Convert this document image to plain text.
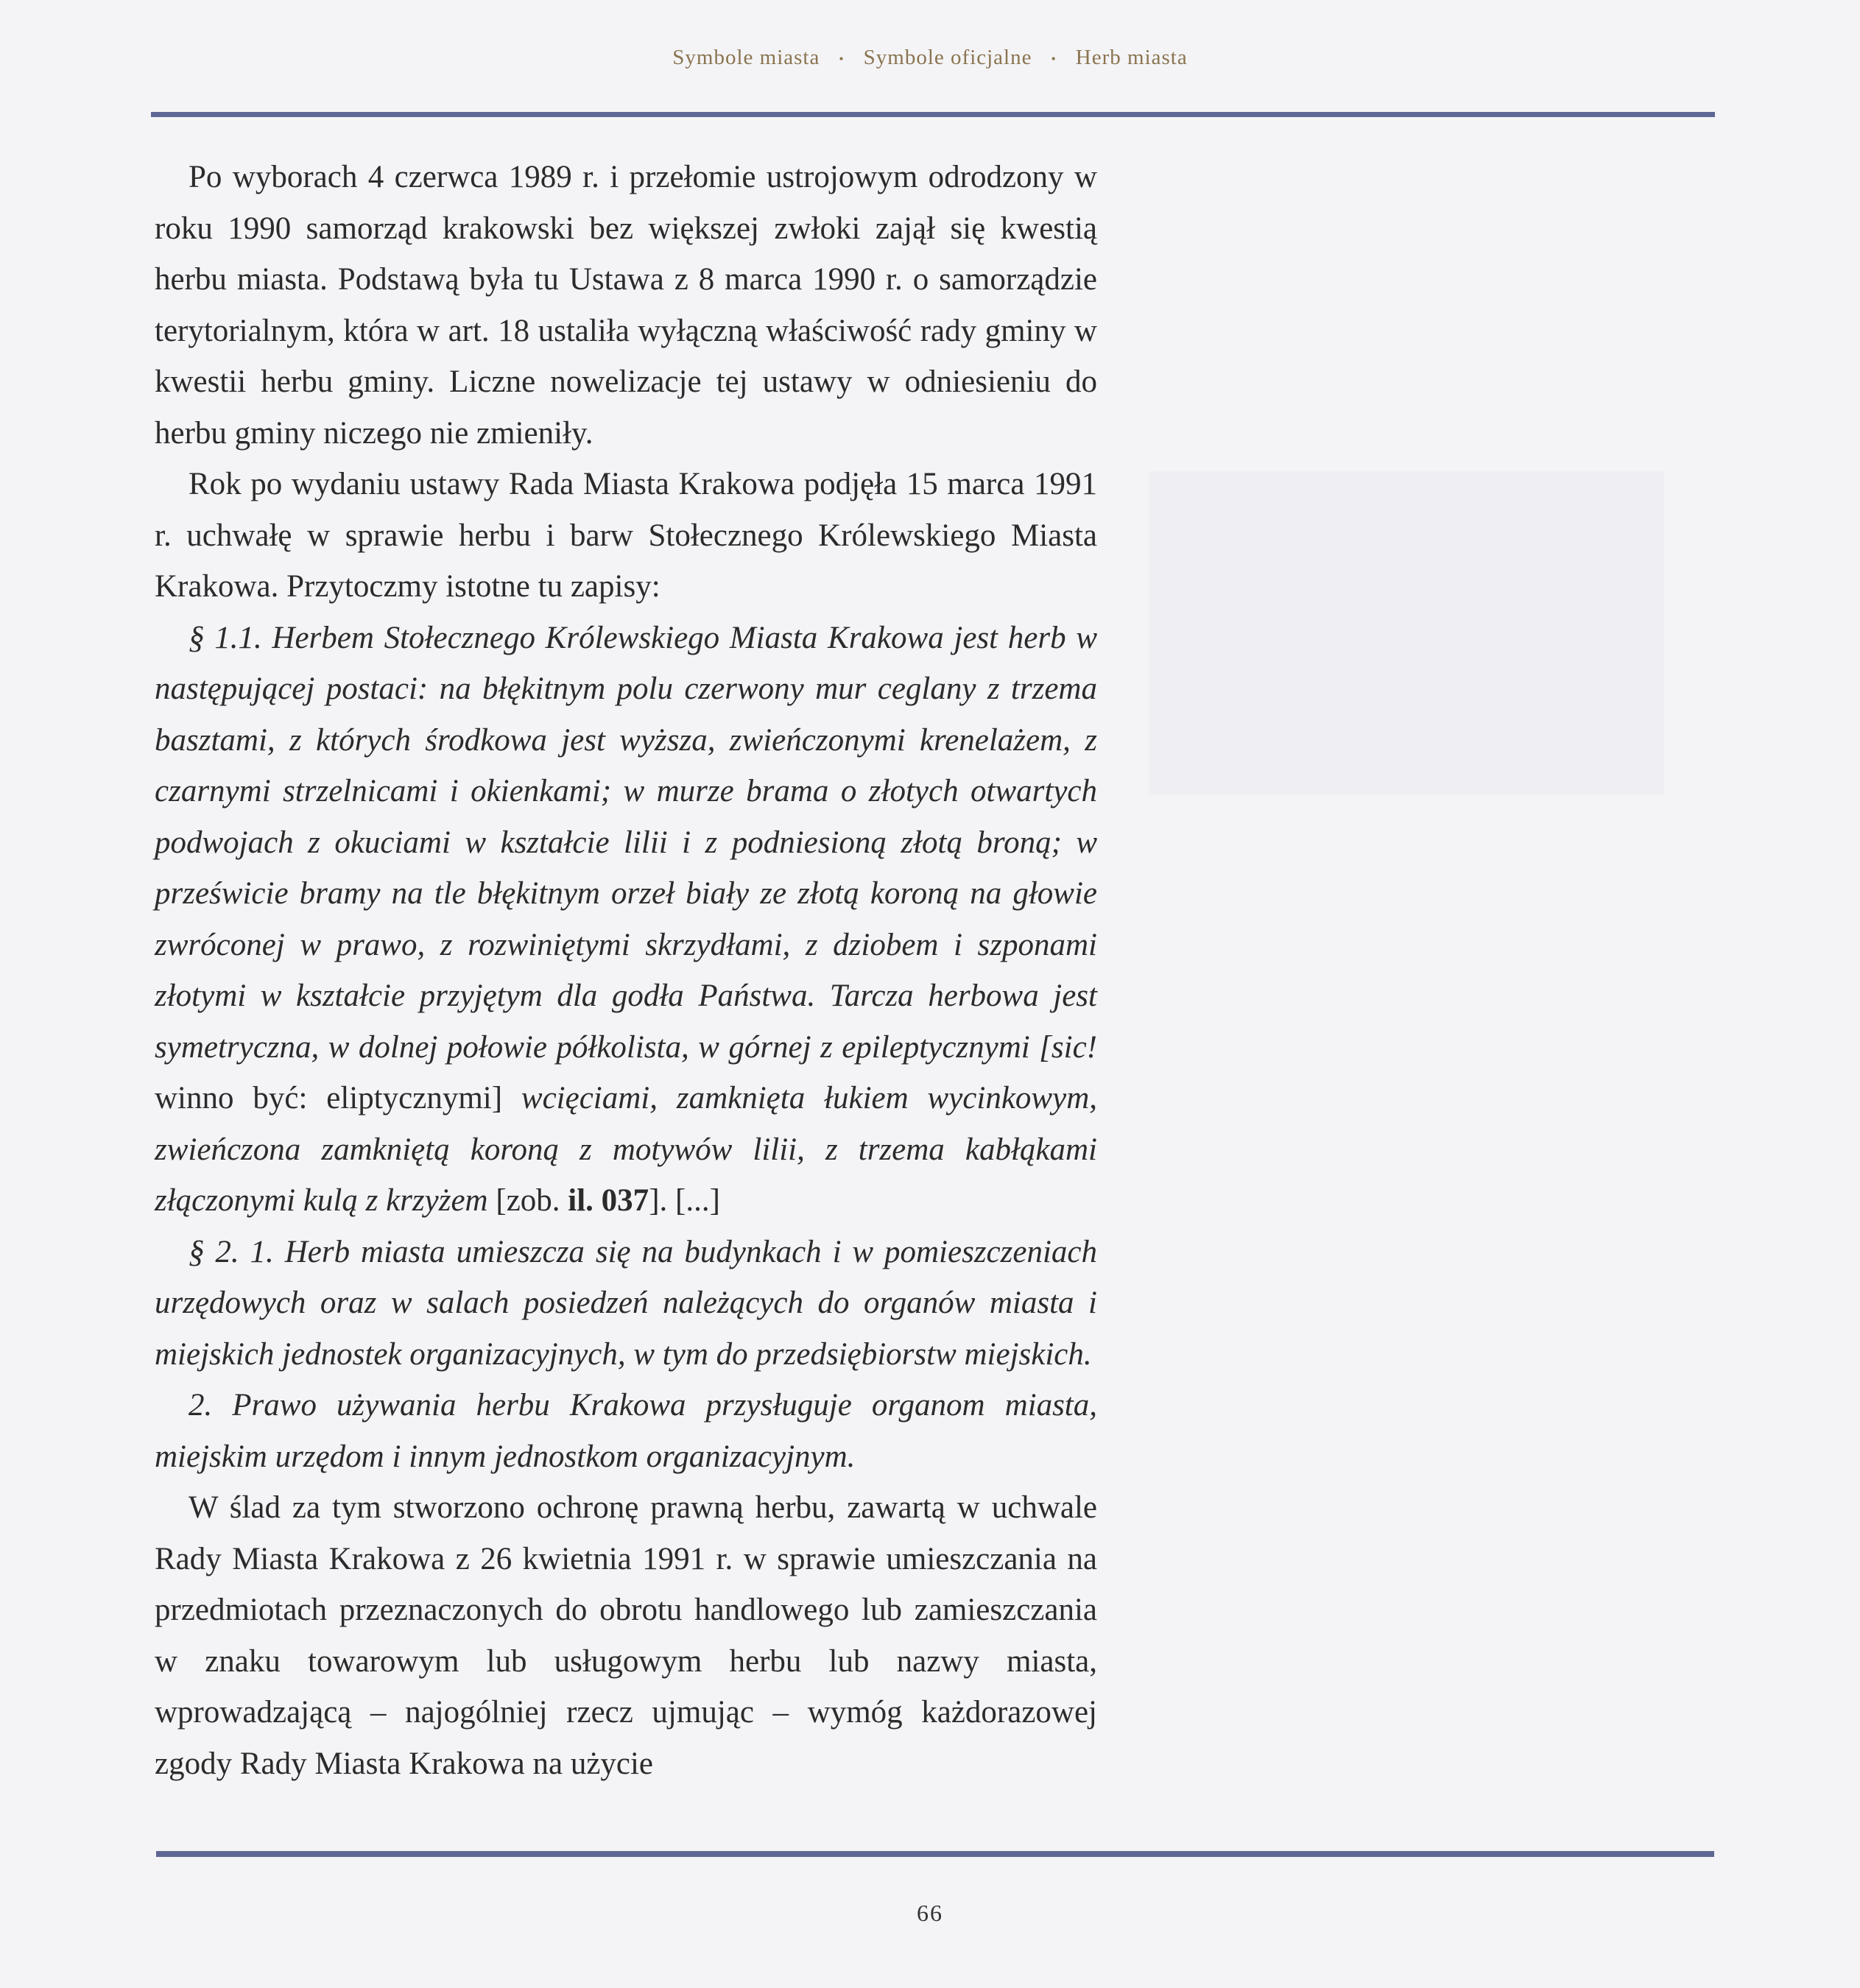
Symbole miasta • Symbole oficjalne • Herb miasta

Po wyborach 4 czerwca 1989 r. i przełomie ustrojowym odrodzony w roku 1990 samorząd krakowski bez większej zwłoki zajął się kwestią herbu miasta. Podstawą była tu Ustawa z 8 marca 1990 r. o samorządzie terytorialnym, która w art. 18 ustaliła wyłączną właściwość rady gminy w kwestii herbu gminy. Liczne nowelizacje tej ustawy w odniesieniu do herbu gminy niczego nie zmieniły.

Rok po wydaniu ustawy Rada Miasta Krakowa podjęła 15 marca 1991 r. uchwałę w sprawie herbu i barw Stołecznego Królewskiego Miasta Krakowa. Przytoczmy istotne tu zapisy:

§ 1.1. Herbem Stołecznego Królewskiego Miasta Krakowa jest herb w następującej postaci: na błękitnym polu czerwony mur ceglany z trzema basztami, z których środkowa jest wyższa, zwieńczonymi krenelażem, z czarnymi strzelnicami i okienkami; w murze brama o złotych otwartych podwojach z okuciami w kształcie lilii i z podniesioną złotą broną; w prześwicie bramy na tle błękitnym orzeł biały ze złotą koroną na głowie zwróconej w prawo, z rozwiniętymi skrzydłami, z dziobem i szponami złotymi w kształcie przyjętym dla godła Państwa. Tarcza herbowa jest symetryczna, w dolnej połowie półkolista, w górnej z epileptycznymi [sic! winno być: eliptycznymi] wcięciami, zamknięta łukiem wycinkowym, zwieńczona zamkniętą koroną z motywów lilii, z trzema kabłąkami złączonymi kulą z krzyżem [zob. il. 037]. [...]

§ 2. 1. Herb miasta umieszcza się na budynkach i w pomieszczeniach urzędowych oraz w salach posiedzeń należących do organów miasta i miejskich jednostek organizacyjnych, w tym do przedsiębiorstw miejskich.

2. Prawo używania herbu Krakowa przysługuje organom miasta, miejskim urzędom i innym jednostkom organizacyjnym.

W ślad za tym stworzono ochronę prawną herbu, zawartą w uchwale Rady Miasta Krakowa z 26 kwietnia 1991 r. w sprawie umieszczania na przedmiotach przeznaczonych do obrotu handlowego lub zamieszczania w znaku towarowym lub usługowym herbu lub nazwy miasta, wprowadzającą – najogólniej rzecz ujmując – wymóg każdorazowej zgody Rady Miasta Krakowa na użycie

66
